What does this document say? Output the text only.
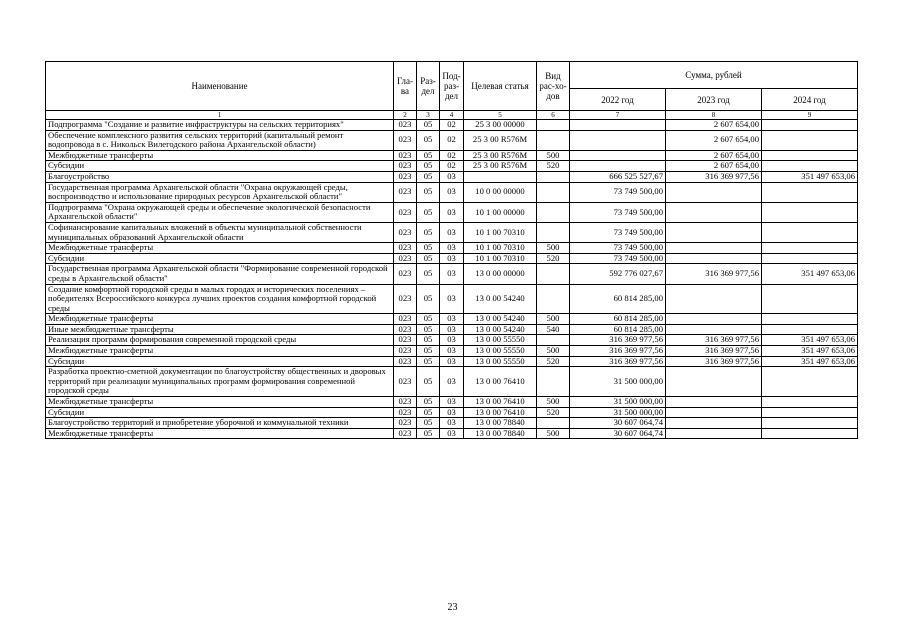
Наименование	Гла-ва	Раз-дел	Под-раз-дел	Целевая статья	Вид рас-хо-дов	Сумма, рублей		
						2022 год	2023 год	2024 год
1	2	3	4	5	6	7	8	9
Подпрограмма "Создание и развитие инфраструктуры на сельских территориях"	023	05	02	25 3 00 00000			2 607 654,00	
Обеспечение комплексного развития сельских территорий (капитальный ремонт водопровода в с. Никольск Вилегодского района Архангельской области)	023	05	02	25 3 00 R576M			2 607 654,00	
Межбюджетные трансферты	023	05	02	25 3 00 R576M	500		2 607 654,00	
Субсидии	023	05	02	25 3 00 R576M	520		2 607 654,00	
Благоустройство	023	05	03			666 525 527,67	316 369 977,56	351 497 653,06
Государственная программа Архангельской области "Охрана окружающей среды, воспроизводство и использование природных ресурсов Архангельской области"	023	05	03	10 0 00 00000		73 749 500,00		
Подпрограмма "Охрана окружающей среды и обеспечение экологической безопасности Архангельской области"	023	05	03	10 1 00 00000		73 749 500,00		
Софинансирование капитальных вложений в объекты муниципальной собственности муниципальных образований Архангельской области	023	05	03	10 1 00 70310		73 749 500,00		
Межбюджетные трансферты	023	05	03	10 1 00 70310	500	73 749 500,00		
Субсидии	023	05	03	10 1 00 70310	520	73 749 500,00		
Государственная программа Архангельской области "Формирование современной городской среды в Архангельской области"	023	05	03	13 0 00 00000		592 776 027,67	316 369 977,56	351 497 653,06
Создание комфортной городской среды в малых городах и исторических поселениях – победителях Всероссийского конкурса лучших проектов создания комфортной городской среды	023	05	03	13 0 00 54240		60 814 285,00		
Межбюджетные трансферты	023	05	03	13 0 00 54240	500	60 814 285,00		
Иные межбюджетные трансферты	023	05	03	13 0 00 54240	540	60 814 285,00		
Реализация программ формирования современной городской среды	023	05	03	13 0 00 55550		316 369 977,56	316 369 977,56	351 497 653,06
Межбюджетные трансферты	023	05	03	13 0 00 55550	500	316 369 977,56	316 369 977,56	351 497 653,06
Субсидии	023	05	03	13 0 00 55550	520	316 369 977,56	316 369 977,56	351 497 653,06
Разработка проектно-сметной документации по благоустройству общественных и дворовых территорий при реализации муниципальных программ формирования современной городской среды	023	05	03	13 0 00 76410		31 500 000,00		
Межбюджетные трансферты	023	05	03	13 0 00 76410	500	31 500 000,00		
Субсидии	023	05	03	13 0 00 76410	520	31 500 000,00		
Благоустройство территорий и приобретение уборочной и коммунальной техники	023	05	03	13 0 00 78840		30 607 064,74		
Межбюджетные трансферты	023	05	03	13 0 00 78840	500	30 607 064,74		
23
